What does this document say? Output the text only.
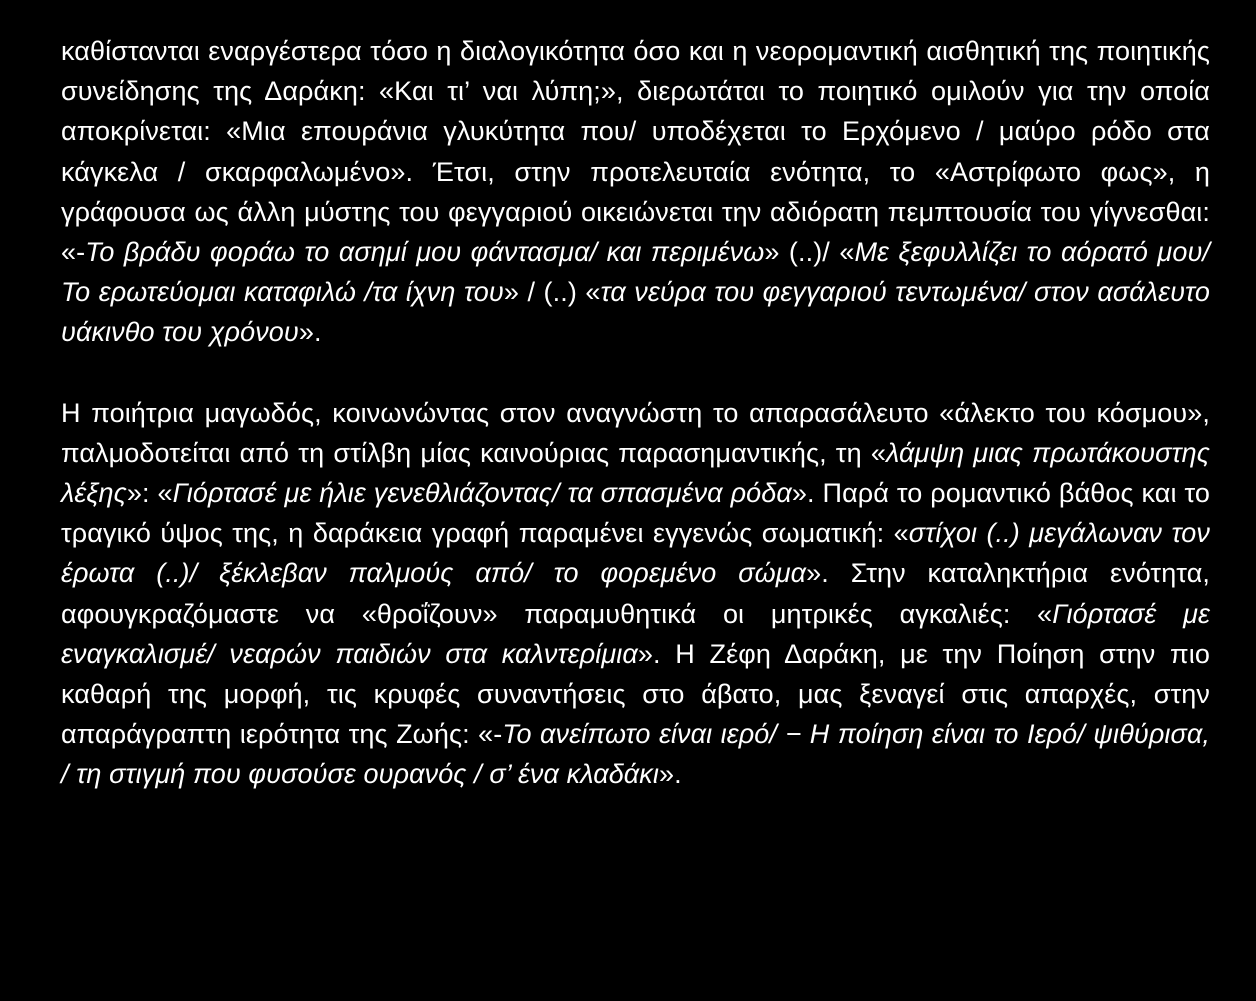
καθίστανται εναργέστερα τόσο η διαλογικότητα όσο και η νεορομαντική αισθητική της ποιητικής συνείδησης της Δαράκη: «Και τι’ ναι λύπη;», διερωτάται το ποιητικό ομιλούν για την οποία αποκρίνεται: «Μια επουράνια γλυκύτητα που/ υποδέχεται το Ερχόμενο / μαύρο ρόδο στα κάγκελα / σκαρφαλωμένο». Έτσι, στην προτελευταία ενότητα, το «Αστρίφωτο φως», η γράφουσα ως άλλη μύστης του φεγγαριού οικειώνεται την αδιόρατη πεμπτουσία του γίγνεσθαι: «-Το βράδυ φοράω το ασημί μου φάντασμα/ και περιμένω» (..)/ «Με ξεφυλλίζει το αόρατό μου/ Το ερωτεύομαι καταφιλώ /τα ίχνη του» / (..) «τα νεύρα του φεγγαριού τεντωμένα/ στον ασάλευτο υάκινθο του χρόνου».

Η ποιήτρια μαγωδός, κοινωνώντας στον αναγνώστη το απαρασάλευτο «άλεκτο του κόσμου», παλμοδοτείται από τη στίλβη μίας καινούριας παρασημαντικής, τη «λάμψη μιας πρωτάκουστης λέξης»: «Γιόρτασέ με ήλιε γενεθλιάζοντας/ τα σπασμένα ρόδα». Παρά το ρομαντικό βάθος και το τραγικό ύψος της, η δαράκεια γραφή παραμένει εγγενώς σωματική: «στίχοι (..) μεγάλωναν τον έρωτα (..)/ ξέκλεβαν παλμούς από/ το φορεμένο σώμα». Στην καταληκτήρια ενότητα, αφουγκραζόμαστε να «θροΐζουν» παραμυθητικά οι μητρικές αγκαλιές: «Γιόρτασέ με εναγκαλισμέ/ νεαρών παιδιών στα καλντερίμια». Η Ζέφη Δαράκη, με την Ποίηση στην πιο καθαρή της μορφή, τις κρυφές συναντήσεις στο άβατο, μας ξεναγεί στις απαρχές, στην απαράγραπτη ιερότητα της Ζωής: «-Το ανείπωτο είναι ιερό/ − Η ποίηση είναι το Ιερό/ ψιθύρισα, / τη στιγμή που φυσούσε ουρανός / σ’ ένα κλαδάκι».
